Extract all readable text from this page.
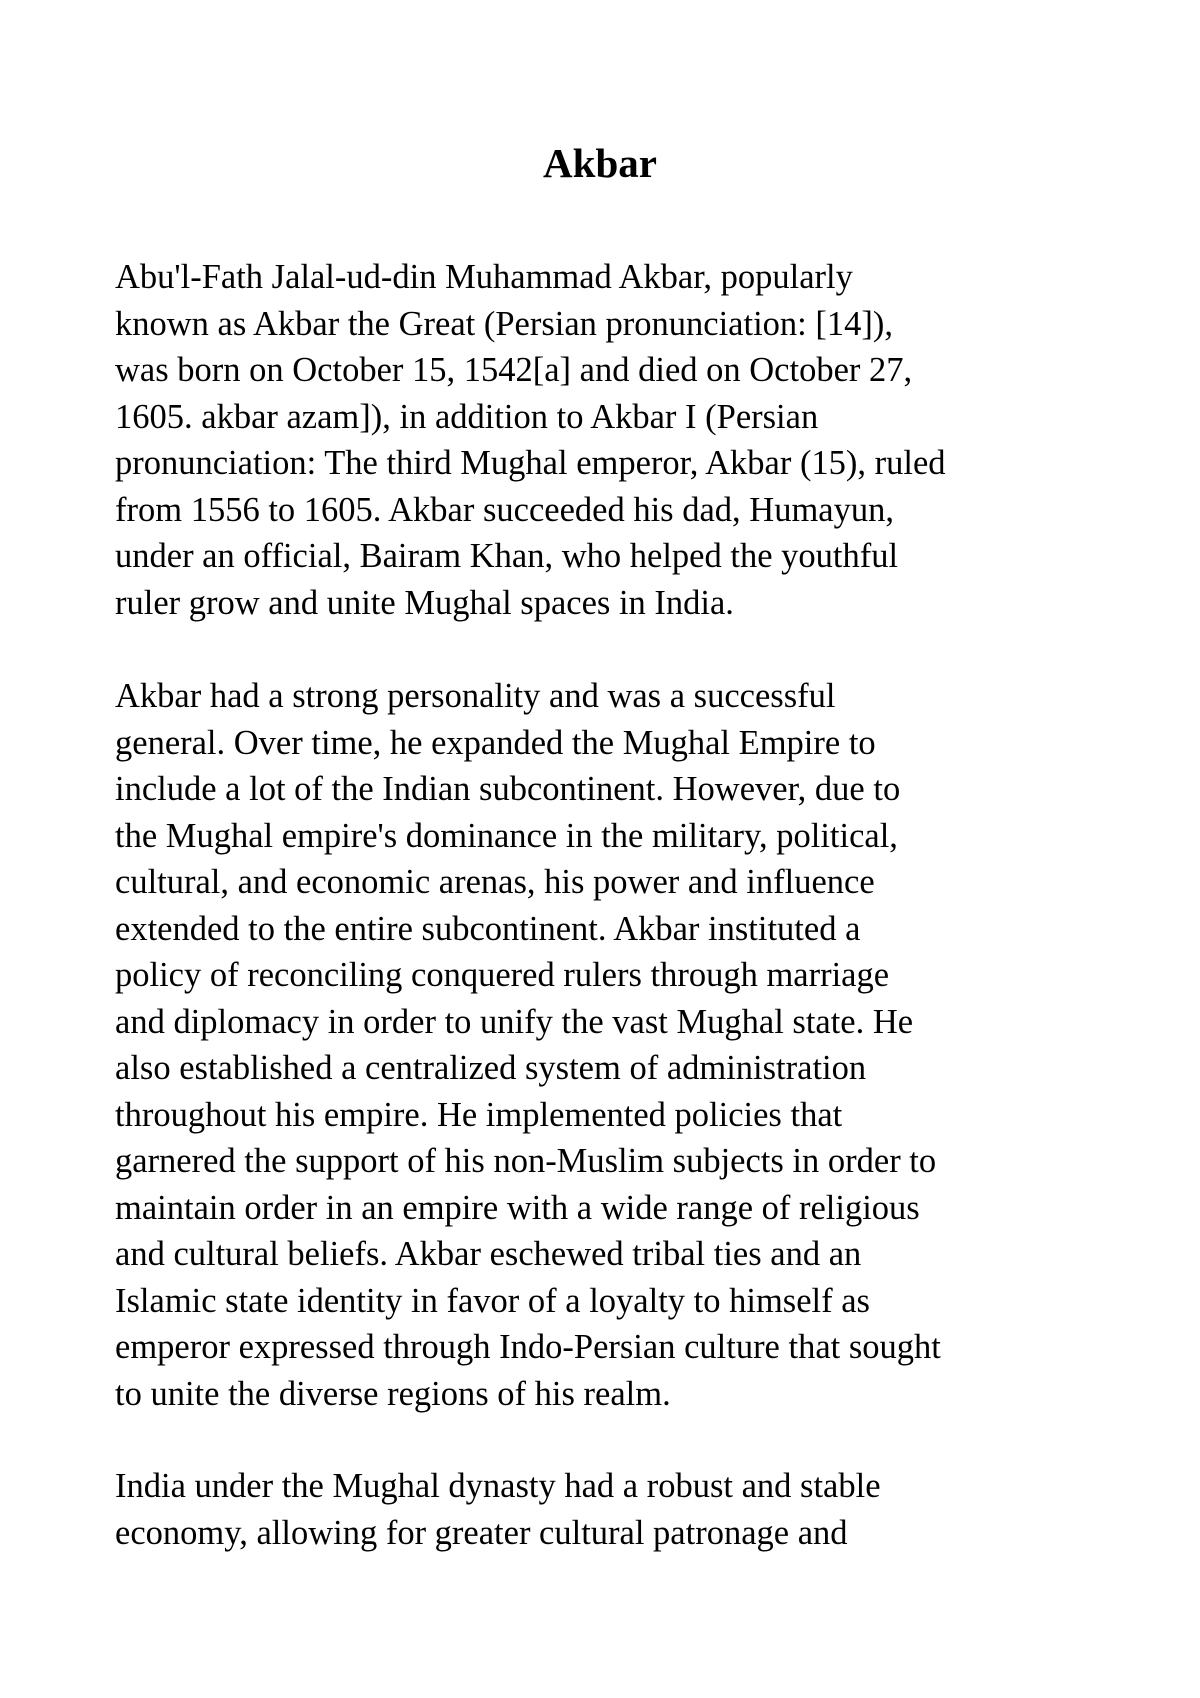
Akbar

Abu'l-Fath Jalal-ud-din Muhammad Akbar, popularly
known as Akbar the Great (Persian pronunciation: [14]),
was born on October 15, 1542[a] and died on October 27,
1605. akbar azam]), in addition to Akbar I (Persian
pronunciation: The third Mughal emperor, Akbar (15), ruled
from 1556 to 1605. Akbar succeeded his dad, Humayun,
under an official, Bairam Khan, who helped the youthful
ruler grow and unite Mughal spaces in India.

Akbar had a strong personality and was a successful
general. Over time, he expanded the Mughal Empire to
include a lot of the Indian subcontinent. However, due to
the Mughal empire's dominance in the military, political,
cultural, and economic arenas, his power and influence
extended to the entire subcontinent. Akbar instituted a
policy of reconciling conquered rulers through marriage
and diplomacy in order to unify the vast Mughal state. He
also established a centralized system of administration
throughout his empire. He implemented policies that
garnered the support of his non-Muslim subjects in order to
maintain order in an empire with a wide range of religious
and cultural beliefs. Akbar eschewed tribal ties and an
Islamic state identity in favor of a loyalty to himself as
emperor expressed through Indo-Persian culture that sought
to unite the diverse regions of his realm.

India under the Mughal dynasty had a robust and stable
economy, allowing for greater cultural patronage and
